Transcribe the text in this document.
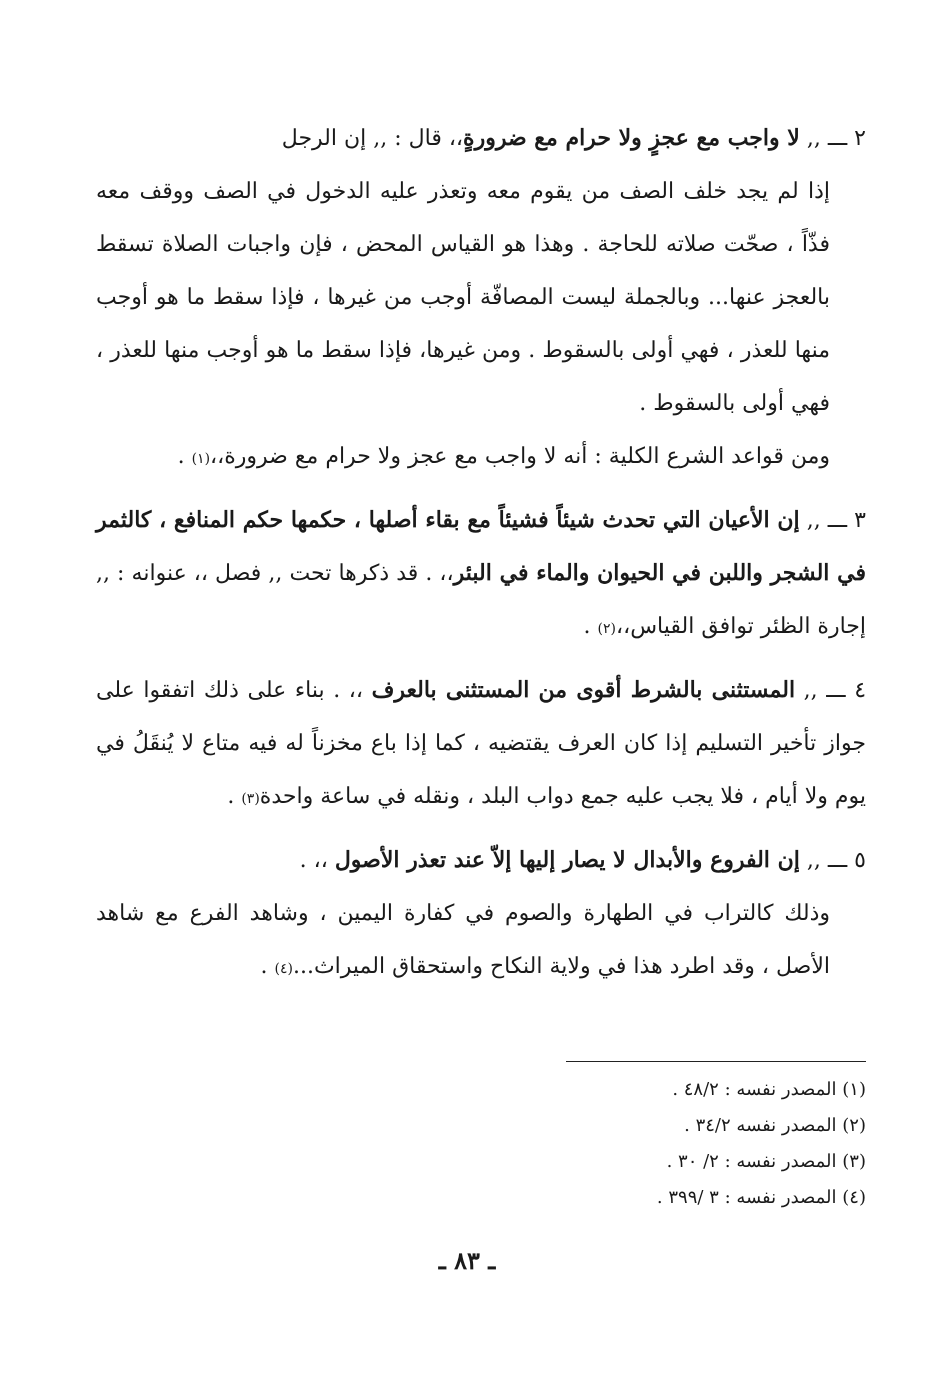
٢ ـــ ,, لا واجب مع عجزٍ ولا حرام مع ضرورةٍ،، قال : ,, إن الرجل

إذا لم يجد خلف الصف من يقوم معه وتعذر عليه الدخول في الصف ووقف معه فذّاً ، صحّت صلاته للحاجة . وهذا هو القياس المحض ، فإن واجبات الصلاة تسقط بالعجز عنها... وبالجملة ليست المصافّة أوجب من غيرها ، فإذا سقط ما هو أوجب منها للعذر ، فهي أولى بالسقوط . ومن غيرها، فإذا سقط ما هو أوجب منها للعذر ، فهي أولى بالسقوط .

ومن قواعد الشرع الكلية : أنه لا واجب مع عجز ولا حرام مع ضرورة،،(١) .

٣ ـــ ,, إن الأعيان التي تحدث شيئاً فشيئاً مع بقاء أصلها ، حكمها حكم المنافع ، كالثمر في الشجر واللبن في الحيوان والماء في البئر،، . قد ذكرها تحت ,, فصل ،، عنوانه : ,, إجارة الظئر توافق القياس،،(٢) .

٤ ـــ ,, المستثنى بالشرط أقوى من المستثنى بالعرف ،، . بناء على ذلك اتفقوا على جواز تأخير التسليم إذا كان العرف يقتضيه ، كما إذا باع مخزناً له فيه متاع لا يُنقَلُ في يوم ولا أيام ، فلا يجب عليه جمع دواب البلد ، ونقله في ساعة واحدة(٣) .

٥ ـــ ,, إن الفروع والأبدال لا يصار إليها إلاّ عند تعذر الأصول ،، .

وذلك كالتراب في الطهارة والصوم في كفارة اليمين ، وشاهد الفرع مع شاهد الأصل ، وقد اطرد هذا في ولاية النكاح واستحقاق الميراث...(٤) .

(١) المصدر نفسه : ٤٨/٢ .

(٢) المصدر نفسه ٣٤/٢ .

(٣) المصدر نفسه : ٢/ ٣٠ .

(٤) المصدر نفسه : ٣ /٣٩٩ .

ـ ٨٣ ـ
